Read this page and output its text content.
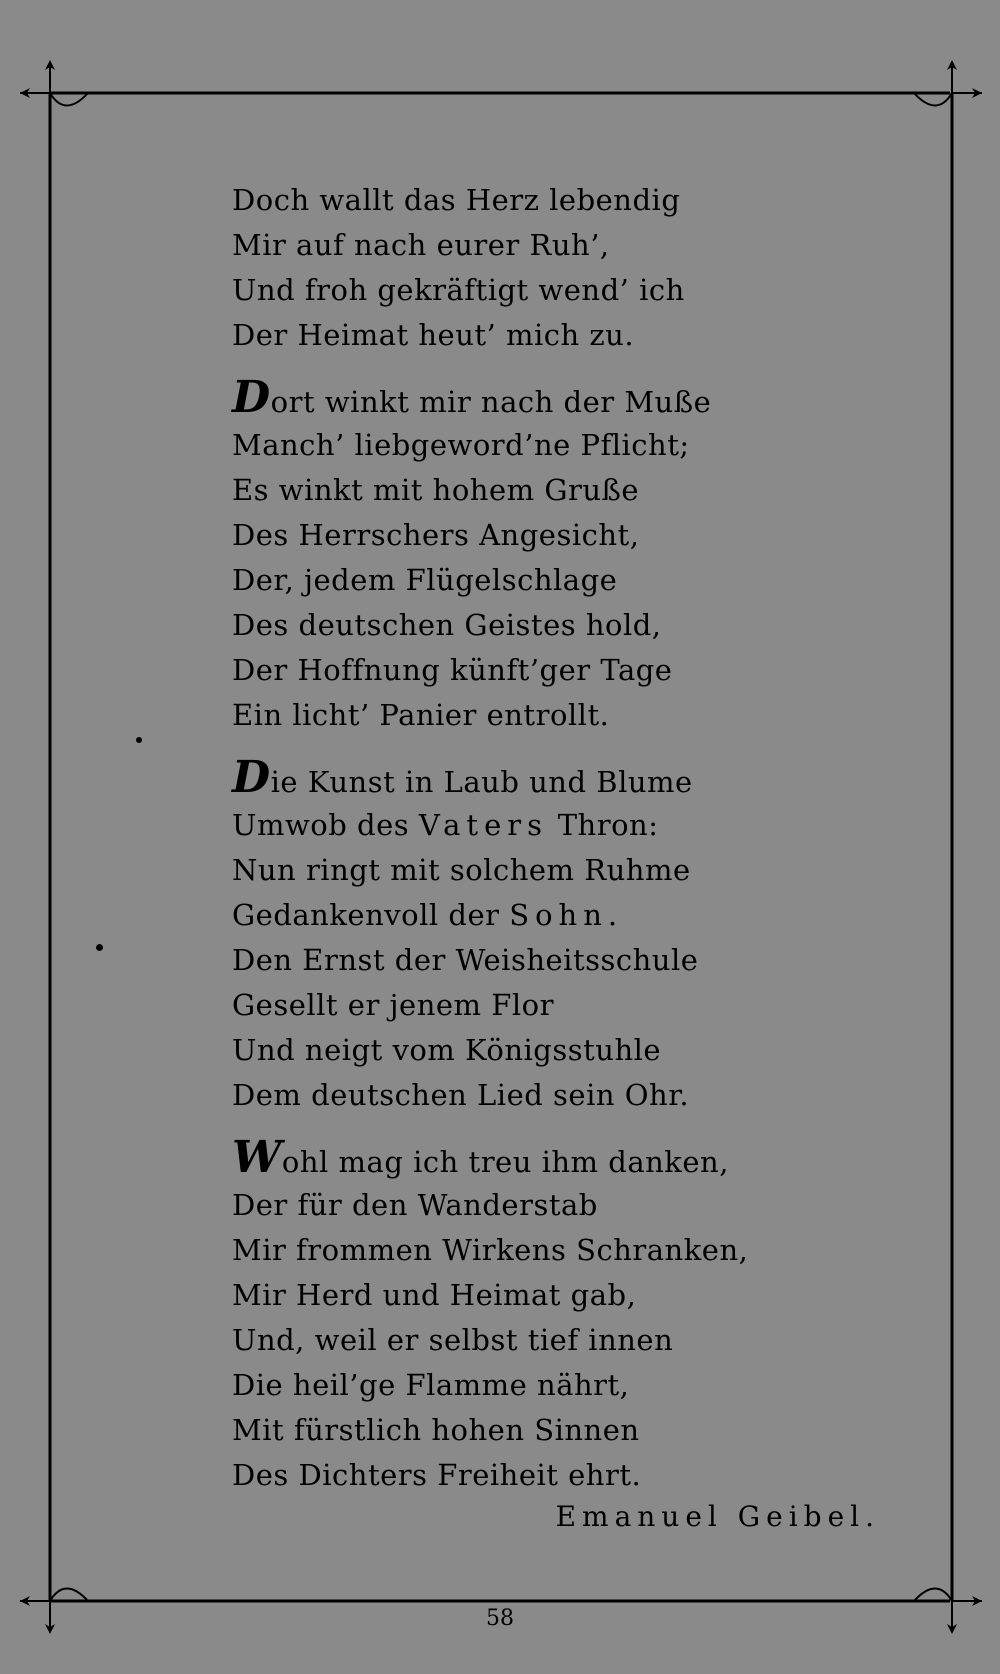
Doch wallt das Herz lebendig
Mir auf nach eurer Ruh’,
Und froh gekräftigt wend’ ich
Der Heimat heut’ mich zu.
Dort winkt mir nach der Muße
Manch’ liebgeword’ne Pflicht;
Es winkt mit hohem Gruße
Des Herrschers Angesicht,
Der, jedem Flügelschlage
Des deutschen Geistes hold,
Der Hoffnung künft’ger Tage
Ein licht’ Panier entrollt.
Die Kunst in Laub und Blume
Umwob des Vaters Thron:
Nun ringt mit solchem Ruhme
Gedankenvoll der Sohn.
Den Ernst der Weisheitsschule
Gesellt er jenem Flor
Und neigt vom Königsstuhle
Dem deutschen Lied sein Ohr.
Wohl mag ich treu ihm danken,
Der für den Wanderstab
Mir frommen Wirkens Schranken,
Mir Herd und Heimat gab,
Und, weil er selbst tief innen
Die heil’ge Flamme nährt,
Mit fürstlich hohen Sinnen
Des Dichters Freiheit ehrt.
Emanuel Geibel.
58
